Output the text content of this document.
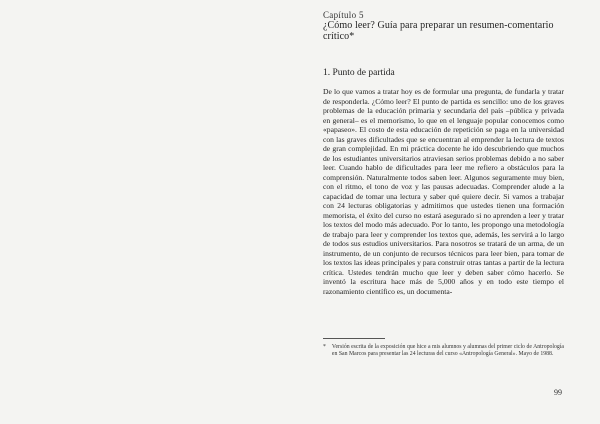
Capítulo 5
¿Cómo leer? Guía para preparar un resumen-comentario crítico*
1. Punto de partida

De lo que vamos a tratar hoy es de formular una pregunta, de fundarla y tratar de responderla. ¿Cómo leer? El punto de partida es sencillo: uno de los graves problemas de la educación primaria y secundaria del país –pública y privada en general– es el memorismo, lo que en el lenguaje popular conocemos como «papaseo». El costo de esta educación de repetición se paga en la universidad con las graves dificultades que se encuentran al emprender la lectura de textos de gran complejidad. En mi práctica docente he ido descubriendo que muchos de los estudiantes universitarios atraviesan serios problemas debido a no saber leer. Cuando hablo de dificultades para leer me refiero a obstáculos para la comprensión. Naturalmente todos saben leer. Algunos seguramente muy bien, con el ritmo, el tono de voz y las pausas adecuadas. Comprender alude a la capacidad de tomar una lectura y saber qué quiere decir. Si vamos a trabajar con 24 lecturas obligatorias y admitimos que ustedes tienen una formación memorista, el éxito del curso no estará asegurado si no aprenden a leer y tratar los textos del modo más adecuado. Por lo tanto, les propongo una metodología de trabajo para leer y comprender los textos que, además, les servirá a lo largo de todos sus estudios universitarios. Para nosotros se tratará de un arma, de un instrumento, de un conjunto de recursos técnicos para leer bien, para tomar de los textos las ideas principales y para construir otras tantas a partir de la lectura crítica. Ustedes tendrán mucho que leer y deben saber cómo hacerlo. Se inventó la escritura hace más de 5,000 años y en todo este tiempo el razonamiento científico es, un documenta-

* Versión escrita de la exposición que hice a mis alumnos y alumnas del primer ciclo de Antropología en San Marcos para presentar las 24 lecturas del curso «Antropología General». Mayo de 1988.
99
